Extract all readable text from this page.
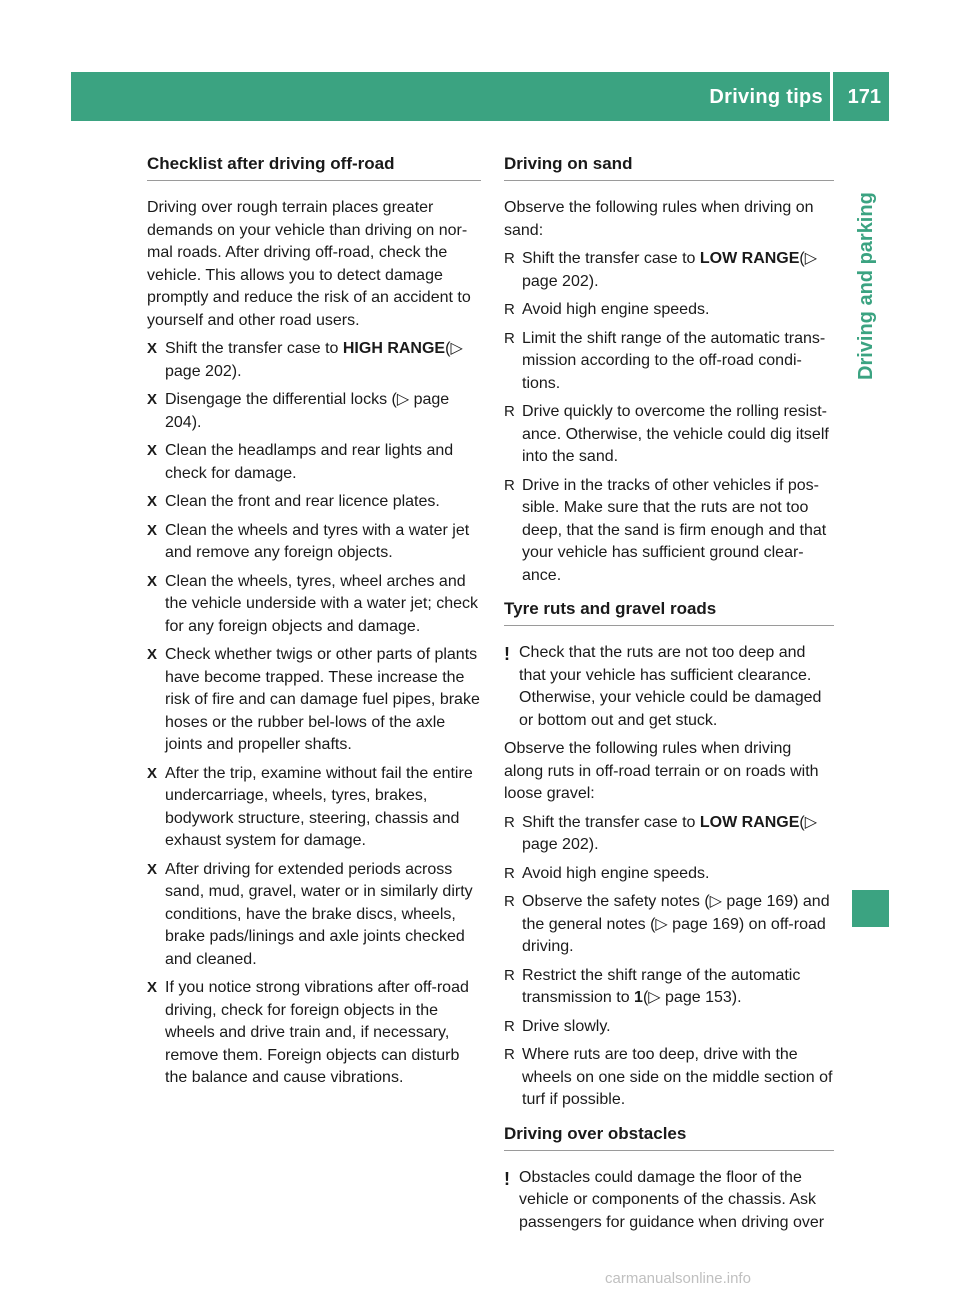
Driving tips 171
Driving and parking
Checklist after driving off-road

Driving over rough terrain places greater demands on your vehicle than driving on nor-mal roads. After driving off-road, check the vehicle. This allows you to detect damage promptly and reduce the risk of an accident to yourself and other road users.

X Shift the transfer case to HIGH RANGE(▷ page 202).
X Disengage the differential locks (▷ page 204).
X Clean the headlamps and rear lights and check for damage.
X Clean the front and rear licence plates.
X Clean the wheels and tyres with a water jet and remove any foreign objects.
X Clean the wheels, tyres, wheel arches and the vehicle underside with a water jet; check for any foreign objects and damage.
X Check whether twigs or other parts of plants have become trapped. These increase the risk of fire and can damage fuel pipes, brake hoses or the rubber bel-lows of the axle joints and propeller shafts.
X After the trip, examine without fail the entire undercarriage, wheels, tyres, brakes, bodywork structure, steering, chassis and exhaust system for damage.
X After driving for extended periods across sand, mud, gravel, water or in similarly dirty conditions, have the brake discs, wheels, brake pads/linings and axle joints checked and cleaned.
X If you notice strong vibrations after off-road driving, check for foreign objects in the wheels and drive train and, if necessary, remove them. Foreign objects can disturb the balance and cause vibrations.
Driving on sand

Observe the following rules when driving on sand:

R Shift the transfer case to LOW RANGE(▷ page 202).
R Avoid high engine speeds.
R Limit the shift range of the automatic trans-mission according to the off-road condi-tions.
R Drive quickly to overcome the rolling resist-ance. Otherwise, the vehicle could dig itself into the sand.
R Drive in the tracks of other vehicles if pos-sible. Make sure that the ruts are not too deep, that the sand is firm enough and that your vehicle has sufficient ground clear-ance.
Tyre ruts and gravel roads
! Check that the ruts are not too deep and that your vehicle has sufficient clearance. Otherwise, your vehicle could be damaged or bottom out and get stuck.

Observe the following rules when driving along ruts in off-road terrain or on roads with loose gravel:

R Shift the transfer case to LOW RANGE(▷ page 202).
R Avoid high engine speeds.
R Observe the safety notes (▷ page 169) and the general notes (▷ page 169) on off-road driving.
R Restrict the shift range of the automatic transmission to 1(▷ page 153).
R Drive slowly.
R Where ruts are too deep, drive with the wheels on one side on the middle section of turf if possible.
Driving over obstacles
! Obstacles could damage the floor of the vehicle or components of the chassis. Ask passengers for guidance when driving over
carmanualsonline.info
